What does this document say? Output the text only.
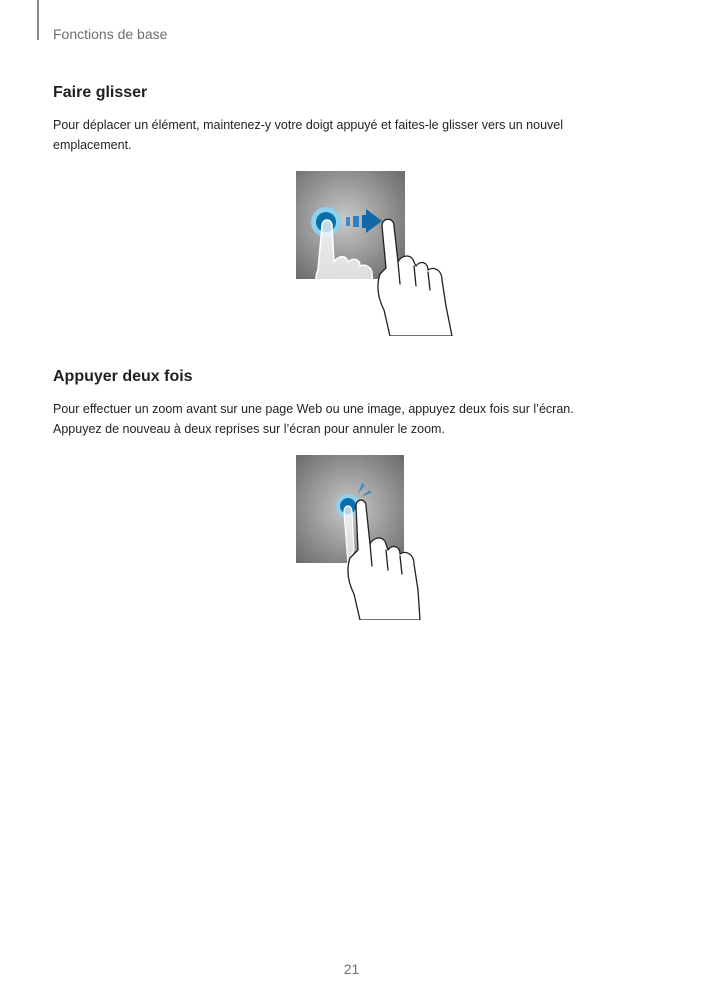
Fonctions de base
Faire glisser

Pour déplacer un élément, maintenez-y votre doigt appuyé et faites-le glisser vers un nouvel
emplacement.

Appuyer deux fois

Pour effectuer un zoom avant sur une page Web ou une image, appuyez deux fois sur l’écran.
Appuyez de nouveau à deux reprises sur l’écran pour annuler le zoom.

21
